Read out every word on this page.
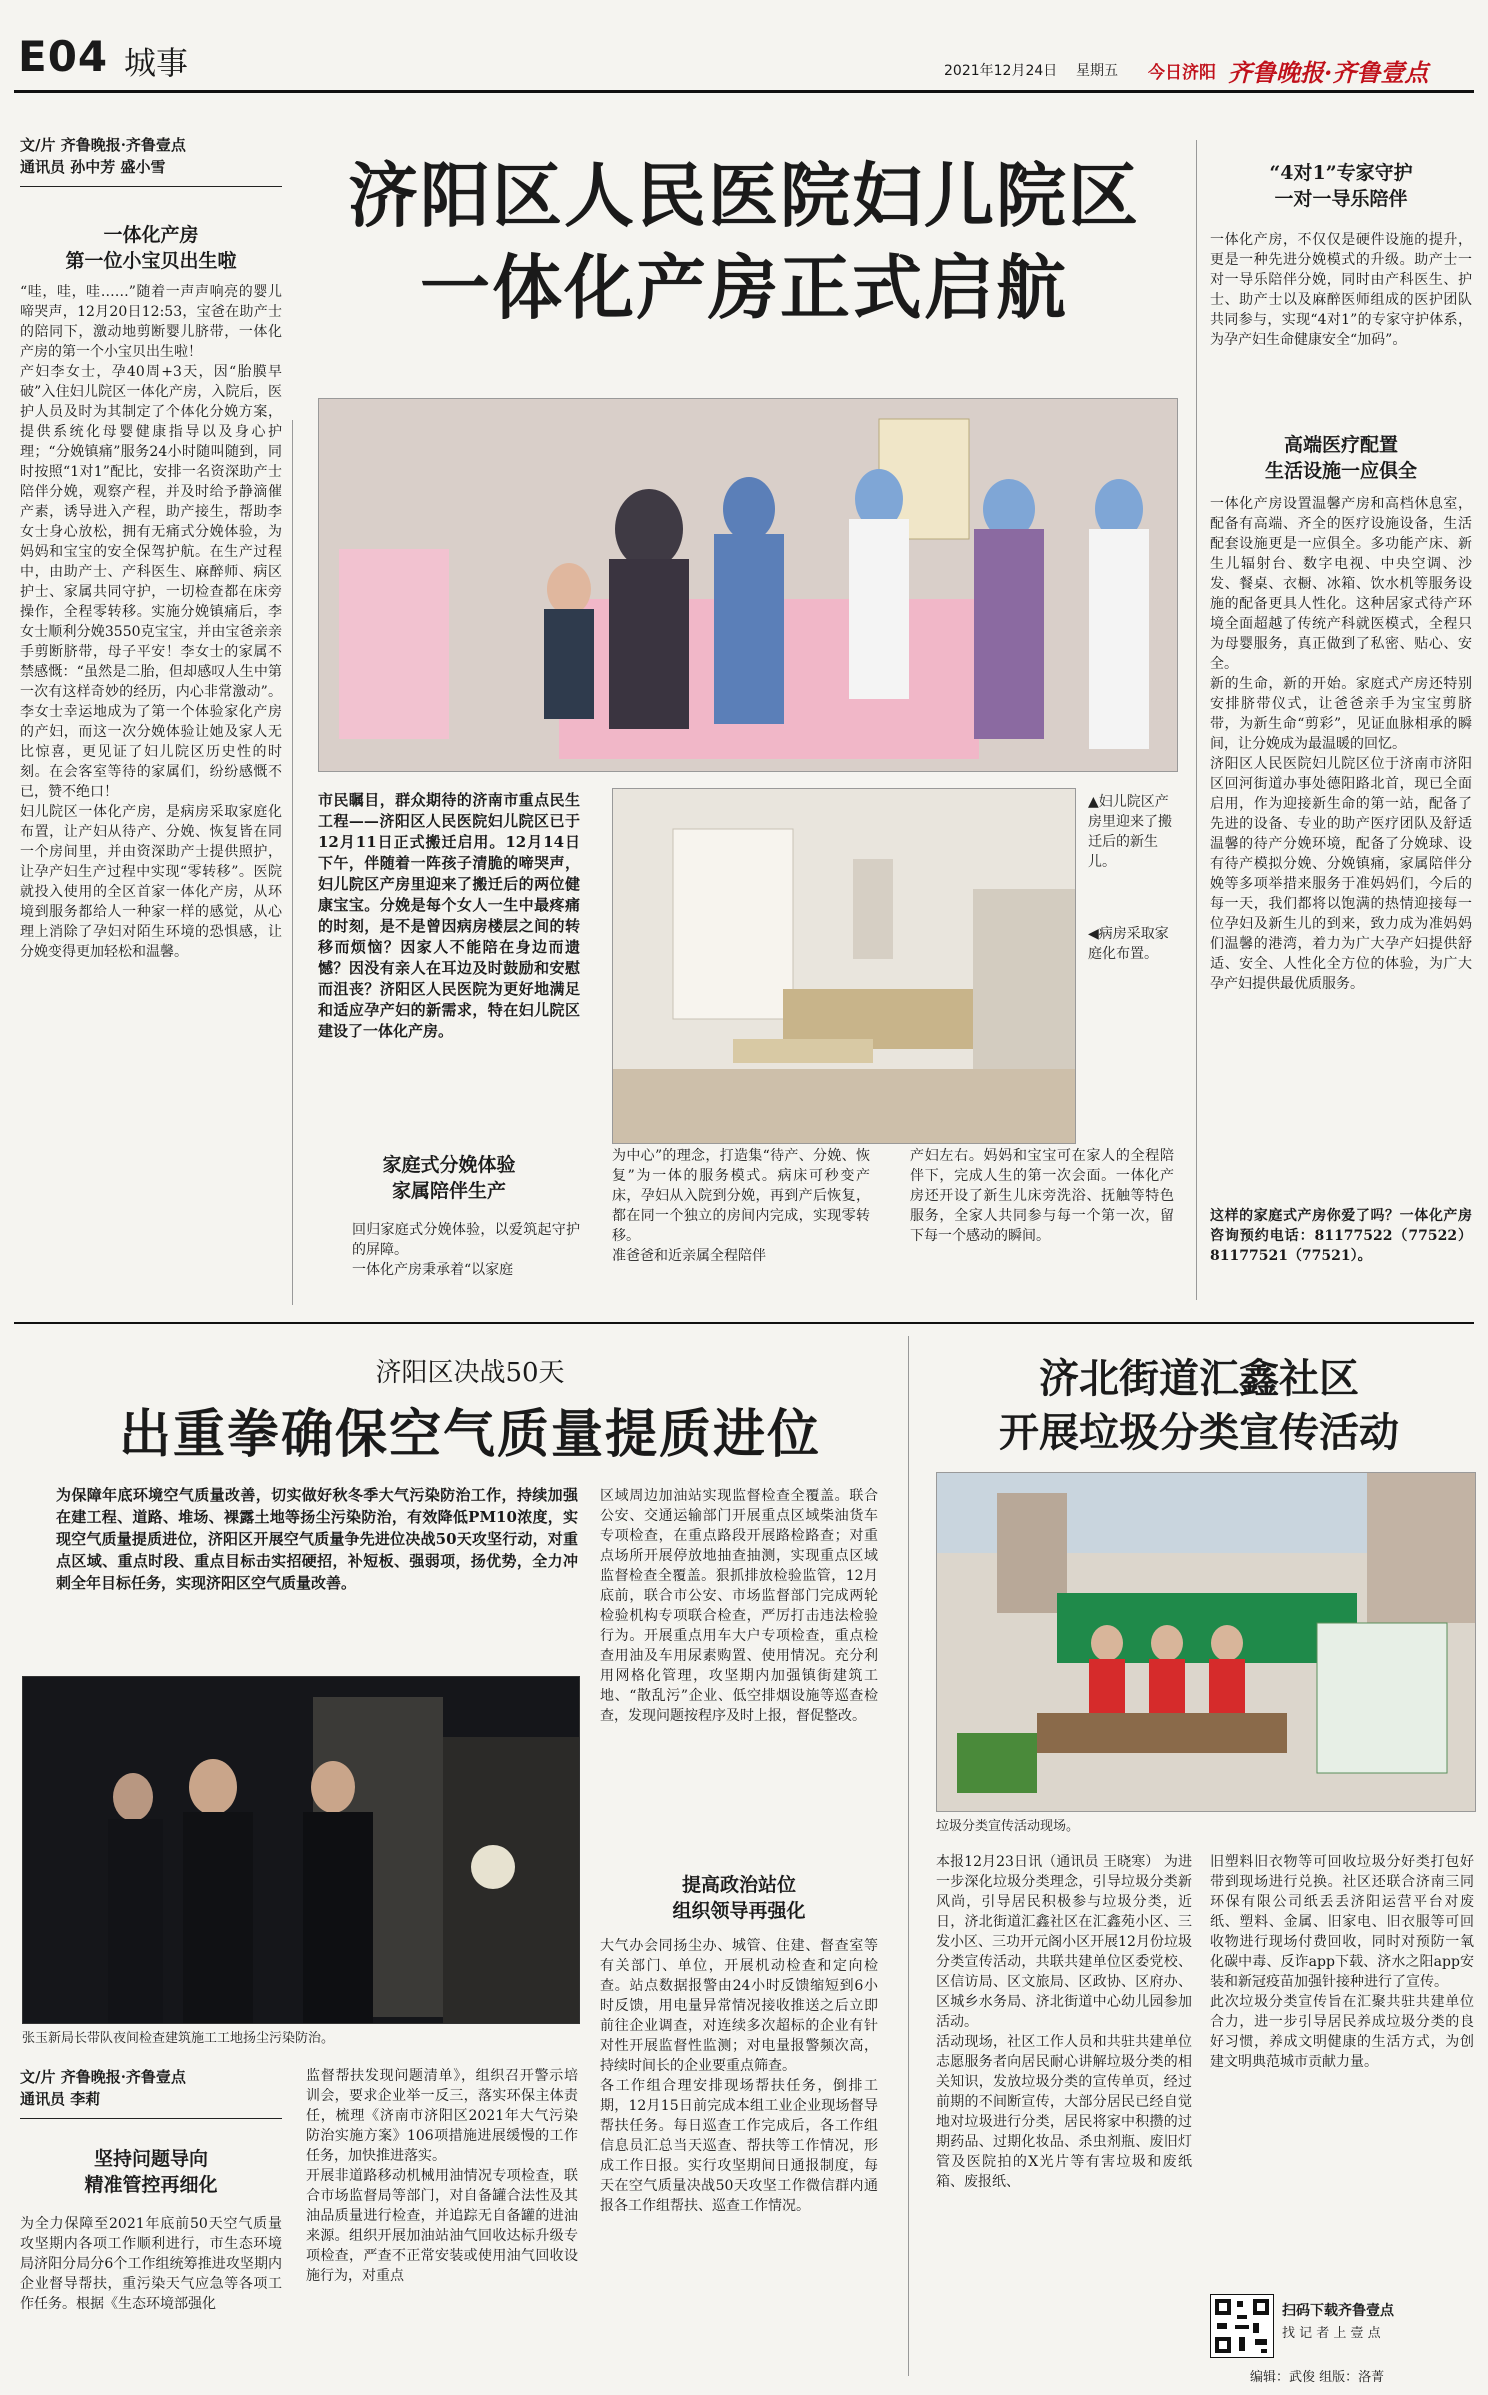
E04 城事	2021年12月24日 星期五 今日济阳 齐鲁晚报·齐鲁壹点
文/片 齐鲁晚报·齐鲁壹点
通讯员 孙中芳 盛小雪	济阳区人民医院妇儿院区
一体化产房正式启航
一体化产房
第一位小宝贝出生啦
“哇，哇，哇……”随着一声声响亮的婴儿啼哭声，12月20日12:53，宝爸在助产士的陪同下，激动地剪断婴儿脐带，一体化产房的第一个小宝贝出生啦！
产妇李女士，孕40周+3天，因“胎膜早破”入住妇儿院区一体化产房，入院后，医护人员及时为其制定了个体化分娩方案，提供系统化母婴健康指导以及身心护理；“分娩镇痛”服务24小时随叫随到，同时按照“1对1”配比，安排一名资深助产士陪伴分娩，观察产程，并及时给予静滴催产素，诱导进入产程，助产接生，帮助李女士身心放松，拥有无痛式分娩体验，为妈妈和宝宝的安全保驾护航。在生产过程中，由助产士、产科医生、麻醉师、病区护士、家属共同守护，一切检查都在床旁操作，全程零转移。实施分娩镇痛后，李女士顺利分娩3550克宝宝，并由宝爸亲亲手剪断脐带，母子平安！李女士的家属不禁感慨：“虽然是二胎，但却感叹人生中第一次有这样奇妙的经历，内心非常激动”。李女士幸运地成为了第一个体验家化产房的产妇，而这一次分娩体验让她及家人无比惊喜，更见证了妇儿院区历史性的时刻。在会客室等待的家属们，纷纷感慨不已，赞不绝口！
妇儿院区一体化产房，是病房采取家庭化布置，让产妇从待产、分娩、恢复皆在同一个房间里，并由资深助产士提供照护，让孕产妇生产过程中实现“零转移”。医院就投入使用的全区首家一体化产房，从环境到服务都给人一种家一样的感觉，从心理上消除了孕妇对陌生环境的恐惧感，让分娩变得更加轻松和温馨。
市民瞩目，群众期待的济南市重点民生工程——济阳区人民医院妇儿院区已于12月11日正式搬迁启用。12月14日下午，伴随着一阵孩子清脆的啼哭声，妇儿院区产房里迎来了搬迁后的两位健康宝宝。分娩是每个女人一生中最疼痛的时刻，是不是曾因病房楼层之间的转移而烦恼？因家人不能陪在身边而遗憾？因没有亲人在耳边及时鼓励和安慰而沮丧？济阳区人民医院为更好地满足和适应孕产妇的新需求，特在妇儿院区建设了一体化产房。
▲妇儿院区产房里迎来了搬迁后的新生儿。
◀病房采取家庭化布置。
家庭式分娩体验
家属陪伴生产
回归家庭式分娩体验，以爱筑起守护的屏障。
一体化产房秉承着“以家庭
为中心”的理念，打造集“待产、分娩、恢复”为一体的服务模式。病床可秒变产床，孕妇从入院到分娩，再到产后恢复，都在同一个独立的房间内完成，实现零转移。
准爸爸和近亲属全程陪伴
产妇左右。妈妈和宝宝可在家人的全程陪伴下，完成人生的第一次会面。一体化产房还开设了新生儿床旁洗浴、抚触等特色服务，全家人共同参与每一个第一次，留下每一个感动的瞬间。
“4对1”专家守护
一对一导乐陪伴
一体化产房，不仅仅是硬件设施的提升，更是一种先进分娩模式的升级。助产士一对一导乐陪伴分娩，同时由产科医生、护士、助产士以及麻醉医师组成的医护团队共同参与，实现“4对1”的专家守护体系，为孕产妇生命健康安全“加码”。
高端医疗配置
生活设施一应俱全
一体化产房设置温馨产房和高档休息室，配备有高端、齐全的医疗设施设备，生活配套设施更是一应俱全。多功能产床、新生儿辐射台、数字电视、中央空调、沙发、餐桌、衣橱、冰箱、饮水机等服务设施的配备更具人性化。这种居家式待产环境全面超越了传统产科就医模式，全程只为母婴服务，真正做到了私密、贴心、安全。
新的生命，新的开始。家庭式产房还特别安排脐带仪式，让爸爸亲手为宝宝剪脐带，为新生命“剪彩”，见证血脉相承的瞬间，让分娩成为最温暖的回忆。
济阳区人民医院妇儿院区位于济南市济阳区回河街道办事处德阳路北首，现已全面启用，作为迎接新生命的第一站，配备了先进的设备、专业的助产医疗团队及舒适温馨的待产分娩环境，配备了分娩球、设有待产模拟分娩、分娩镇痛，家属陪伴分娩等多项举措来服务于准妈妈们，今后的每一天，我们都将以饱满的热情迎接每一位孕妇及新生儿的到来，致力成为准妈妈们温馨的港湾，着力为广大孕产妇提供舒适、安全、人性化全方位的体验，为广大孕产妇提供最优质服务。
这样的家庭式产房你爱了吗？一体化产房咨询预约电话：81177522（77522） 81177521（77521）。
济阳区决战50天
出重拳确保空气质量提质进位
为保障年底环境空气质量改善，切实做好秋冬季大气污染防治工作，持续加强在建工程、道路、堆场、裸露土地等扬尘污染防治，有效降低PM10浓度，实现空气质量提质进位，济阳区开展空气质量争先进位决战50天攻坚行动，对重点区域、重点时段、重点目标击实招硬招，补短板、强弱项，扬优势，全力冲刺全年目标任务，实现济阳区空气质量改善。
张玉新局长带队夜间检查建筑施工工地扬尘污染防治。
文/片 齐鲁晚报·齐鲁壹点
通讯员 李莉
坚持问题导向
精准管控再细化
为全力保障至2021年底前50天空气质量攻坚期内各项工作顺利进行，市生态环境局济阳分局分6个工作组统筹推进攻坚期内企业督导帮扶，重污染天气应急等各项工作任务。根据《生态环境部强化
监督帮扶发现问题清单》，组织召开警示培训会，要求企业举一反三，落实环保主体责任，梳理《济南市济阳区2021年大气污染防治实施方案》106项措施进展缓慢的工作任务，加快推进落实。
开展非道路移动机械用油情况专项检查，联合市场监督局等部门，对自备罐合法性及其油品质量进行检查，并追踪无自备罐的进油来源。组织开展加油站油气回收达标升级专项检查，严查不正常安装或使用油气回收设施行为，对重点
区域周边加油站实现监督检查全覆盖。联合公安、交通运输部门开展重点区域柴油货车专项检查，在重点路段开展路检路查；对重点场所开展停放地抽查抽测，实现重点区域监督检查全覆盖。狠抓排放检验监管，12月底前，联合市公安、市场监督部门完成两轮检验机构专项联合检查，严厉打击违法检验行为。开展重点用车大户专项检查，重点检查用油及车用尿素购置、使用情况。充分利用网格化管理，攻坚期内加强镇街建筑工地、“散乱污”企业、低空排烟设施等巡查检查，发现问题按程序及时上报，督促整改。
提高政治站位
组织领导再强化
大气办会同扬尘办、城管、住建、督查室等有关部门、单位，开展机动检查和定向检查。站点数据报警由24小时反馈缩短到6小时反馈，用电量异常情况接收推送之后立即前往企业调查，对连续多次超标的企业有针对性开展监督性监测；对电量报警频次高，持续时间长的企业要重点筛查。
各工作组合理安排现场帮扶任务，倒排工期，12月15日前完成本组工业企业现场督导帮扶任务。每日巡查工作完成后，各工作组信息员汇总当天巡查、帮扶等工作情况，形成工作日报。实行攻坚期间日通报制度，每天在空气质量决战50天攻坚工作微信群内通报各工作组帮扶、巡查工作情况。
济北街道汇鑫社区
开展垃圾分类宣传活动
垃圾分类宣传活动现场。
本报12月23日讯（通讯员 王晓寒） 为进一步深化垃圾分类理念，引导垃圾分类新风尚，引导居民积极参与垃圾分类，近日，济北街道汇鑫社区在汇鑫苑小区、三发小区、三功开元阁小区开展12月份垃圾分类宣传活动，共联共建单位区委党校、区信访局、区文旅局、区政协、区府办、区城乡水务局、济北街道中心幼儿园参加活动。
活动现场，社区工作人员和共驻共建单位志愿服务者向居民耐心讲解垃圾分类的相关知识，发放垃圾分类的宣传单页，经过前期的不间断宣传，大部分居民已经自觉地对垃圾进行分类，居民将家中积攒的过期药品、过期化妆品、杀虫剂瓶、废旧灯管及医院拍的X光片等有害垃圾和废纸箱、废报纸、
旧塑料旧衣物等可回收垃圾分好类打包好带到现场进行兑换。社区还联合济南三同环保有限公司纸丢丢济阳运营平台对废纸、塑料、金属、旧家电、旧衣服等可回收物进行现场付费回收，同时对预防一氧化碳中毒、反诈app下载、济水之阳app安装和新冠疫苗加强针接种进行了宣传。
此次垃圾分类宣传旨在汇聚共驻共建单位合力，进一步引导居民养成垃圾分类的良好习惯，养成文明健康的生活方式，为创建文明典范城市贡献力量。
扫码下载齐鲁壹点
找 记 者 上 壹 点
编辑：武俊 组版：洛菁
